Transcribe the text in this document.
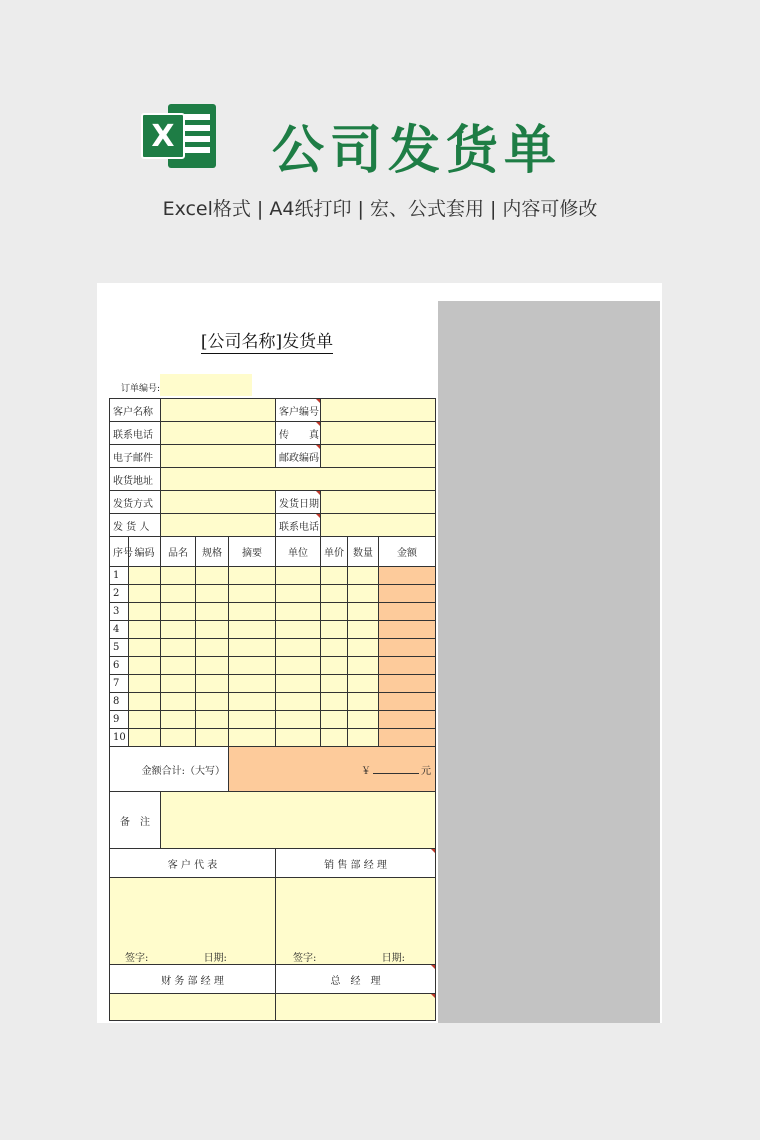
X 公司发货单
Excel格式 | A4纸打印 | 宏、公式套用 | 内容可修改
[公司名称]发货单
订单编号:
客户名称					客户编号			
联系电话					传　　真			
电子邮件					邮政编码			
收货地址								
发货方式					发货日期			
发 货 人					联系电话			
序号	编码	品名	规格	摘要	单位	单价	数量	金额
1								
2								
3								
4								
5								
6								
7								
8								
9								
10								
金额合计:（大写）				￥ 元				
备　注								
客 户 代 表					销 售 部 经 理			
签字: 日期:					签字: 日期:			
财 务 部 经 理					总　经　理			
